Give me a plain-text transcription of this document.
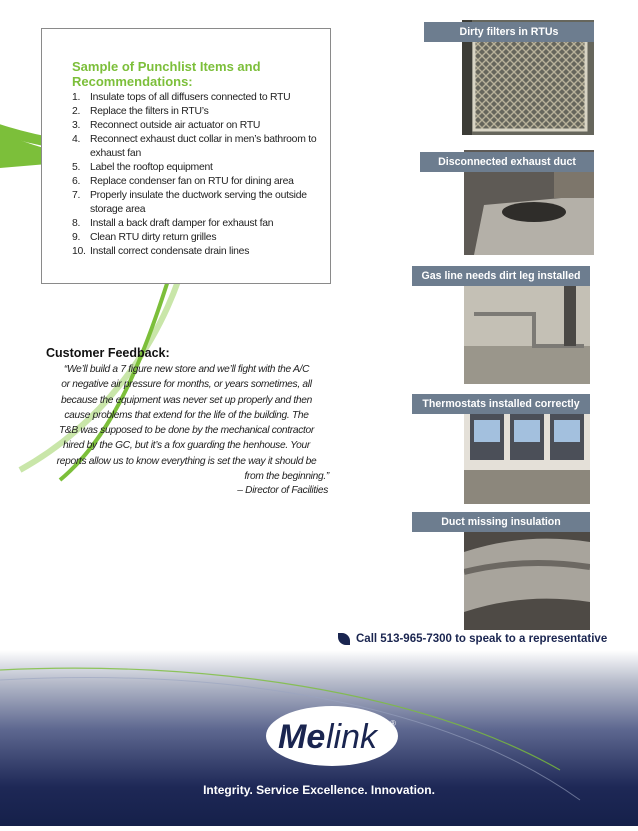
Sample of Punchlist Items and Recommendations:
1. Insulate tops of all diffusers connected to RTU
2. Replace the filters in RTU’s
3. Reconnect outside air actuator on RTU
4. Reconnect exhaust duct collar in men’s bathroom to exhaust fan
5. Label the rooftop equipment
6. Replace condenser fan on RTU for dining area
7. Properly insulate the ductwork serving the outside storage area
8. Install a back draft damper for exhaust fan
9. Clean RTU dirty return grilles
10. Install correct condensate drain lines
Customer Feedback:

“We’ll build a 7 figure new store and we’ll fight with the A/C

or negative air pressure for months, or years sometimes, all

because the equipment was never set up properly and then

cause problems that extend for the life of the building. The

T&B was supposed to be done by the mechanical contractor

hired by the GC, but it’s a fox guarding the henhouse. Your

reports allow us to know everything is set the way it should be

from the beginning.”

– Director of Facilities
Dirty filters in RTUs
Disconnected exhaust duct
Gas line needs dirt leg installed
Thermostats installed correctly
Duct missing insulation
Call 513-965-7300 to speak to a representative
Me link ®
Integrity. Service Excellence. Innovation.
